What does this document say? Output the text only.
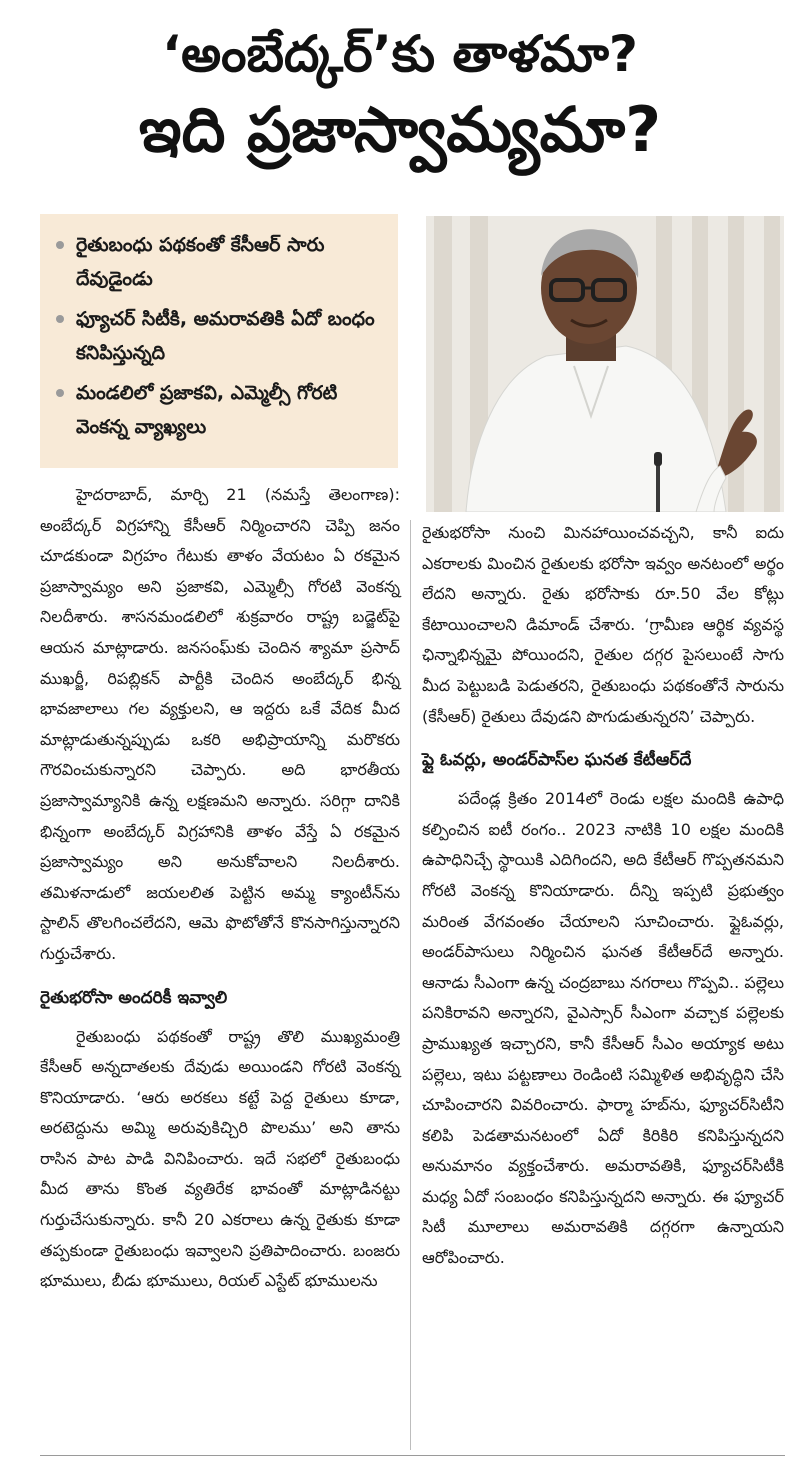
‘అంబేద్కర్’కు తాళమా?
ఇది ప్రజాస్వామ్యమా?
రైతుబంధు పథకంతో కేసీఆర్ సారు దేవుడైండు
ఫ్యూచర్ సిటీకి, అమరావతికి ఏదో బంధం కనిపిస్తున్నది
మండలిలో ప్రజాకవి, ఎమ్మెల్సీ గోరటి వెంకన్న వ్యాఖ్యలు

హైదరాబాద్, మార్చి 21 (నమస్తే తెలంగాణ): అంబేద్కర్ విగ్రహాన్ని కేసీఆర్ నిర్మించారని చెప్పి జనం చూడకుండా విగ్రహం గేటుకు తాళం వేయటం ఏ రకమైన ప్రజాస్వామ్యం అని ప్రజాకవి, ఎమ్మెల్సీ గోరటి వెంకన్న నిలదీశారు. శాసనమండలిలో శుక్రవారం రాష్ట్ర బడ్జెట్‌పై ఆయన మాట్లాడారు. జనసంఘ్‌కు చెందిన శ్యామా ప్రసాద్ ముఖర్జీ, రిపబ్లికన్ పార్టీకి చెందిన అంబేద్కర్ భిన్న భావజాలాలు గల వ్యక్తులని, ఆ ఇద్దరు ఒకే వేదిక మీద మాట్లాడుతున్నప్పుడు ఒకరి అభిప్రాయాన్ని మరొకరు గౌరవించుకున్నారని చెప్పారు. అది భారతీయ ప్రజాస్వామ్యానికి ఉన్న లక్షణమని అన్నారు. సరిగ్గా దానికి భిన్నంగా అంబేద్కర్ విగ్రహానికి తాళం వేస్తే ఏ రకమైన ప్రజాస్వామ్యం అని అనుకోవాలని నిలదీశారు. తమిళనాడులో జయలలిత పెట్టిన అమ్మ క్యాంటీన్‌ను స్టాలిన్ తొలగించలేదని, ఆమె ఫొటోతోనే కొనసాగిస్తున్నారని గుర్తుచేశారు.

రైతుభరోసా అందరికీ ఇవ్వాలి

రైతుబంధు పథకంతో రాష్ట్ర తొలి ముఖ్యమంత్రి కేసీఆర్ అన్నదాతలకు దేవుడు అయిండని గోరటి వెంకన్న కొనియాడారు. ‘ఆరు అరకలు కట్టే పెద్ద రైతులు కూడా, అరటెద్దును అమ్మి అరువుకిచ్చిరి పొలము’ అని తాను రాసిన పాట పాడి వినిపించారు. ఇదే సభలో రైతుబంధు మీద తాను కొంత వ్యతిరేక భావంతో మాట్లాడినట్టు గుర్తుచేసుకున్నారు. కానీ 20 ఎకరాలు ఉన్న రైతుకు కూడా తప్పకుండా రైతుబంధు ఇవ్వాలని ప్రతిపాదించారు. బంజరు భూములు, బీడు భూములు, రియల్ ఎస్టేట్ భూములను

రైతుభరోసా నుంచి మినహాయించవచ్చని, కానీ ఐదు ఎకరాలకు మించిన రైతులకు భరోసా ఇవ్వం అనటంలో అర్థం లేదని అన్నారు. రైతు భరోసాకు రూ.50 వేల కోట్లు కేటాయించాలని డిమాండ్ చేశారు. ‘గ్రామీణ ఆర్థిక వ్యవస్థ ఛిన్నాభిన్నమై పోయిందని, రైతుల దగ్గర పైసలుంటే సాగు మీద పెట్టుబడి పెడుతరని, రైతుబంధు పథకంతోనే సారును (కేసీఆర్) రైతులు దేవుడని పొగుడుతున్నరని’ చెప్పారు.

ఫ్లై ఓవర్లు, అండర్‌పాస్‌ల ఘనత కేటీఆర్‌దే

పదేండ్ల క్రితం 2014లో రెండు లక్షల మందికి ఉపాధి కల్పించిన ఐటీ రంగం.. 2023 నాటికి 10 లక్షల మందికి ఉపాధినిచ్చే స్థాయికి ఎదిగిందని, అది కేటీఆర్ గొప్పతనమని గోరటి వెంకన్న కొనియాడారు. దీన్ని ఇప్పటి ప్రభుత్వం మరింత వేగవంతం చేయాలని సూచించారు. ఫ్లైఓవర్లు, అండర్‌పాసులు నిర్మించిన ఘనత కేటీఆర్‌దే అన్నారు. ఆనాడు సీఎంగా ఉన్న చంద్రబాబు నగరాలు గొప్పవి.. పల్లెలు పనికిరావని అన్నారని, వైఎస్సార్ సీఎంగా వచ్చాక పల్లెలకు ప్రాముఖ్యత ఇచ్చారని, కానీ కేసీఆర్ సీఎం అయ్యాక అటు పల్లెలు, ఇటు పట్టణాలు రెండింటి సమ్మిళిత అభివృద్ధిని చేసి చూపించారని వివరించారు. ఫార్మా హబ్‌ను, ఫ్యూచర్‌సిటీని కలిపి పెడతామనటంలో ఏదో కిరికిరి కనిపిస్తున్నదని అనుమానం వ్యక్తంచేశారు. అమరావతికి, ఫ్యూచర్‌సిటీకి మధ్య ఏదో సంబంధం కనిపిస్తున్నదని అన్నారు. ఈ ఫ్యూచర్ సిటీ మూలాలు అమరావతికి దగ్గరగా ఉన్నాయని ఆరోపించారు.
